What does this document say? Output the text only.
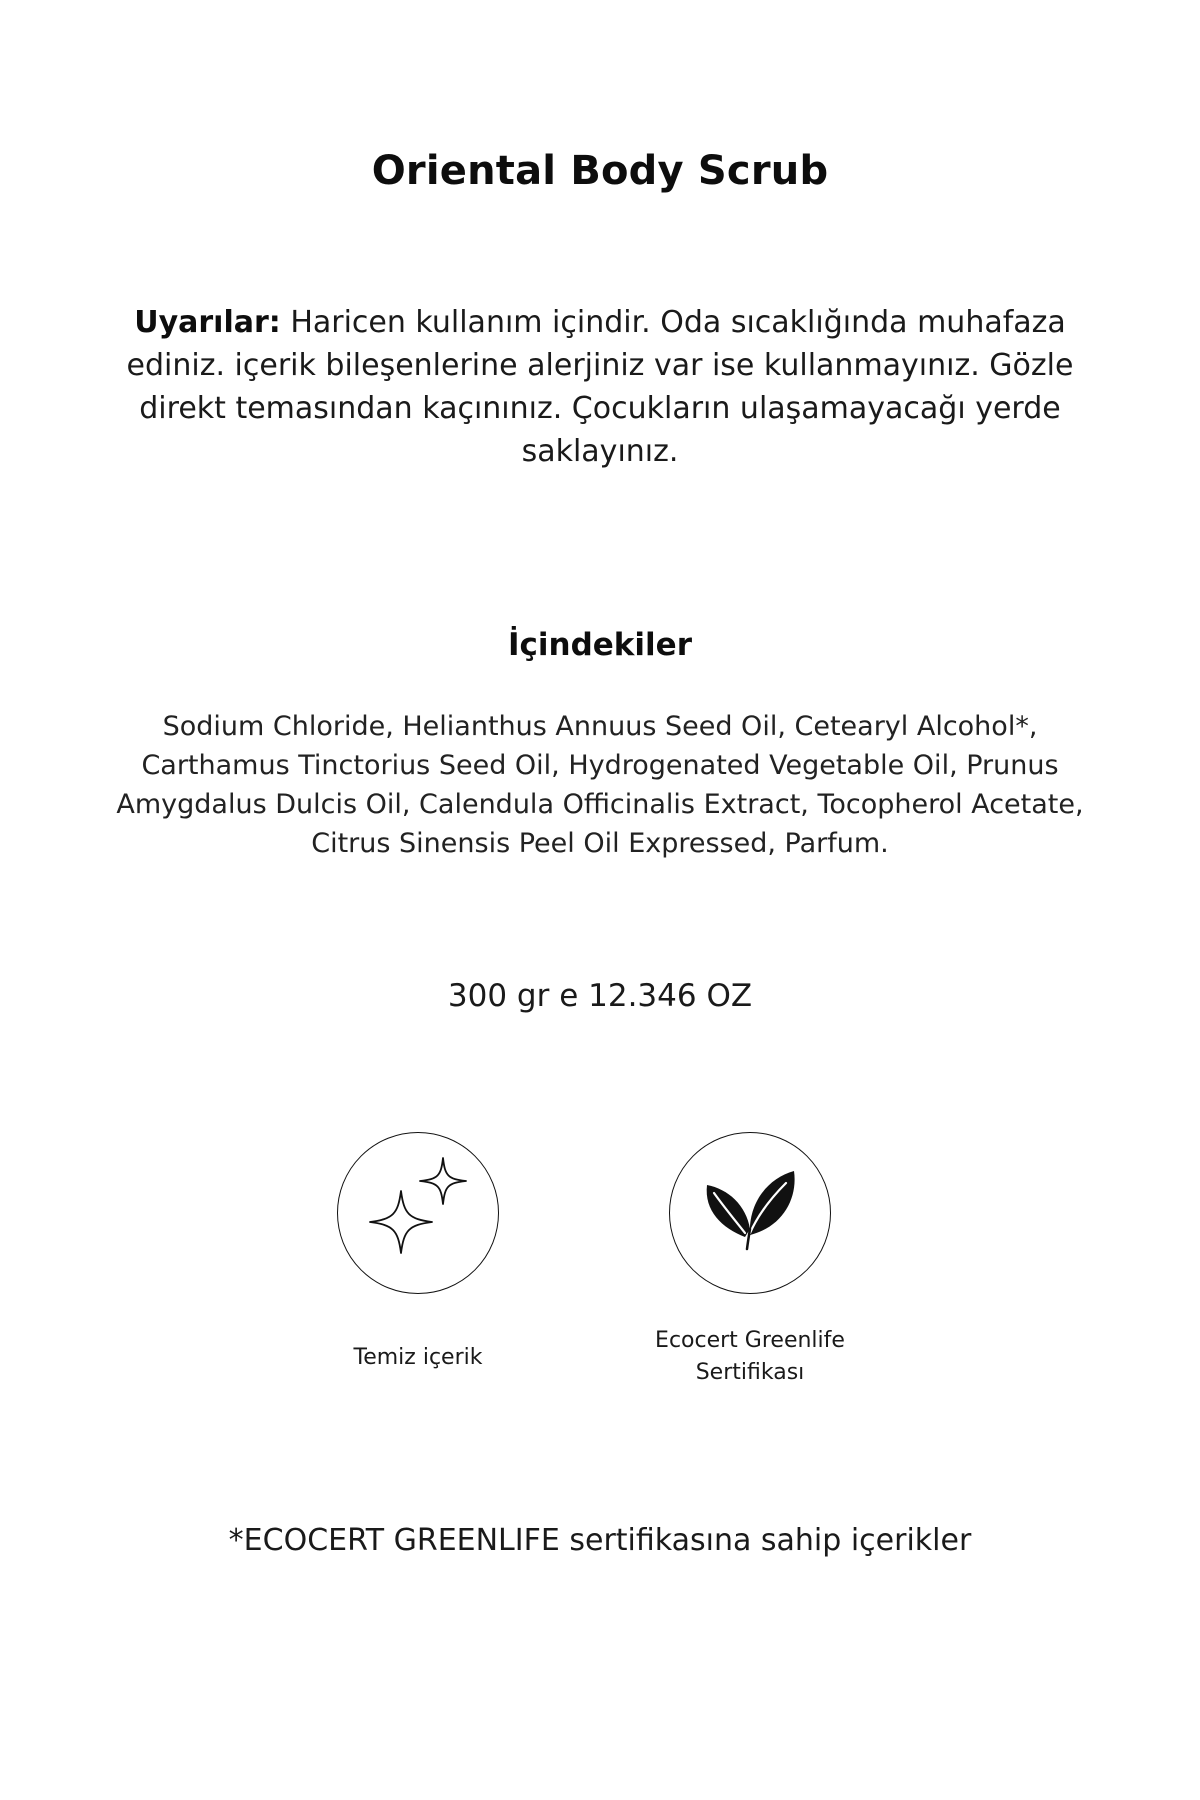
Oriental Body Scrub

Uyarılar: Haricen kullanım içindir. Oda sıcaklığında muhafaza ediniz. içerik bileşenlerine alerjiniz var ise kullanmayınız. Gözle direkt temasından kaçınınız. Çocukların ulaşamayacağı yerde saklayınız.

İçindekiler

Sodium Chloride, Helianthus Annuus Seed Oil, Cetearyl Alcohol*, Carthamus Tinctorius Seed Oil, Hydrogenated Vegetable Oil, Prunus Amygdalus Dulcis Oil, Calendula Officinalis Extract, Tocopherol Acetate, Citrus Sinensis Peel Oil Expressed, Parfum.

300 gr e 12.346 OZ

Temiz içerik
Ecocert Greenlife
Sertifikası

*ECOCERT GREENLIFE sertifikasına sahip içerikler
